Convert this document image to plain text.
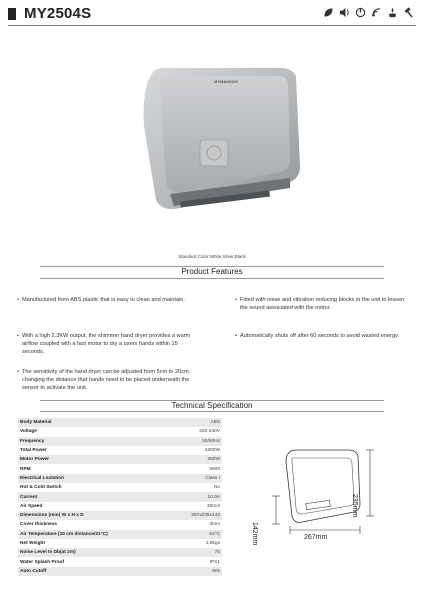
MY2504S
MYMAHSOH
Standard Color:White,Silver,Black
Product Features
• Manufactured from ABS plastic that is easy to clean and maintain.	• Fitted with noise and vibration reducing blocks in the unit to lessen the sound associated with the motor.
• With a high 2.3KW output, the shimmer hand dryer provides a warm airflow coupled with a fast motor to dry a users hands within 15 seconds.
• Automatically shuts off after 60 seconds to avoid wasted energy.
• The sensitivity of the hand dryer can be adjusted from 5cm to 20cm, changing the distance that hands need to be placed underneath the sensor to activate the unit.
Technical Specification
Body Material	ABS
Voltage	220-240V
Frequency	50/60Hz
Total Power	2300W
Motor Power	350W
RPM	6500
Electrical Lsolation	Class I
Hot & Cold Switch	No
Current	10.0A
Air Speed	30m/s
Dimensions (mm) W x H x D	267x235x142
Cover thickness	3mm
Air Temperature (10 cm distance/21°C)	54°C
Net Weight	2.8kgs
Noise Level In Db(at 2m)	75
Water Splash Proof	IPX1
Auto Cutoff	60s
267mm
235mm
142mm
